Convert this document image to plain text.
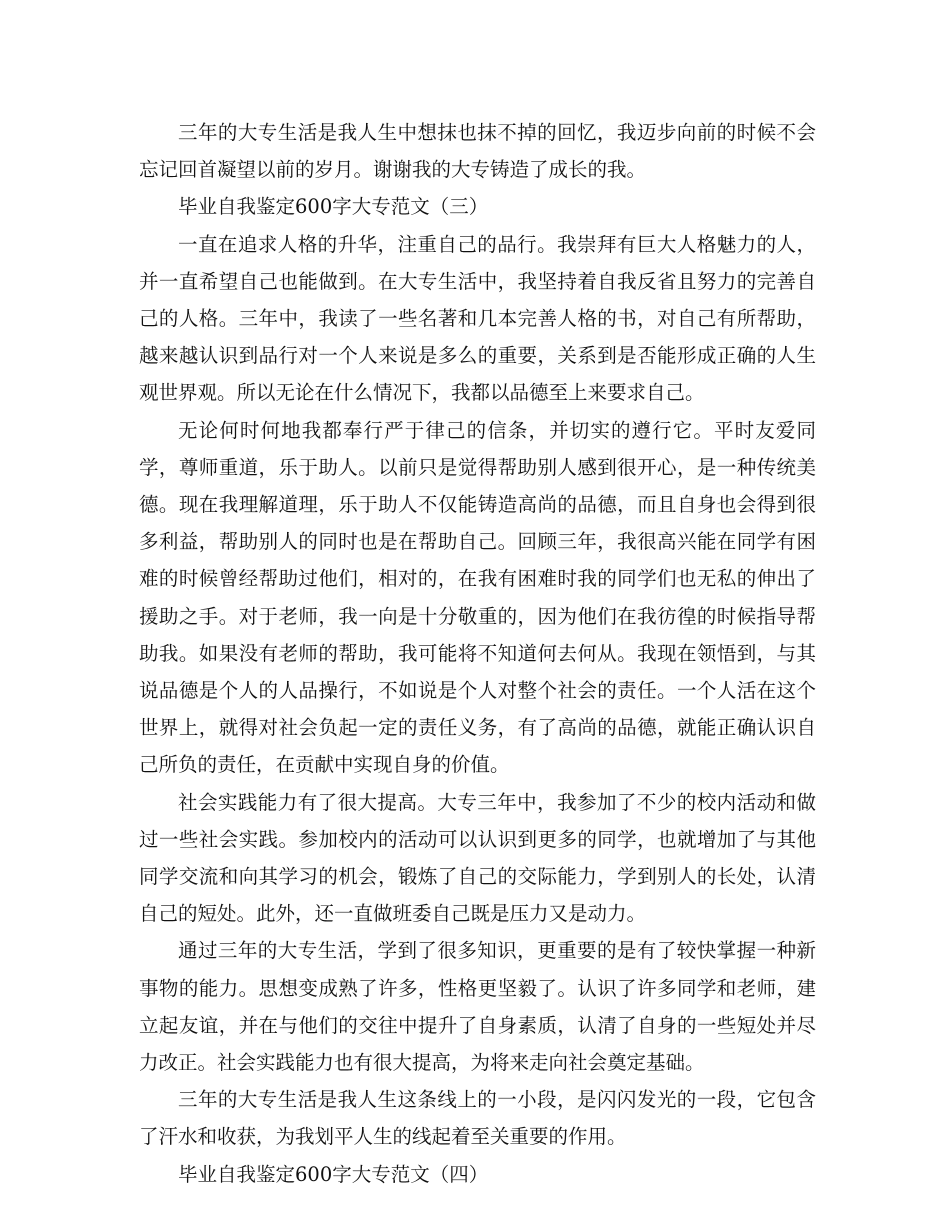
三年的大专生活是我人生中想抹也抹不掉的回忆，我迈步向前的时候不会忘记回首凝望以前的岁月。谢谢我的大专铸造了成长的我。

毕业自我鉴定600字大专范文（三）

一直在追求人格的升华，注重自己的品行。我崇拜有巨大人格魅力的人，并一直希望自己也能做到。在大专生活中，我坚持着自我反省且努力的完善自己的人格。三年中，我读了一些名著和几本完善人格的书，对自己有所帮助，越来越认识到品行对一个人来说是多么的重要，关系到是否能形成正确的人生观世界观。所以无论在什么情况下，我都以品德至上来要求自己。

无论何时何地我都奉行严于律己的信条，并切实的遵行它。平时友爱同学，尊师重道，乐于助人。以前只是觉得帮助别人感到很开心，是一种传统美德。现在我理解道理，乐于助人不仅能铸造高尚的品德，而且自身也会得到很多利益，帮助别人的同时也是在帮助自己。回顾三年，我很高兴能在同学有困难的时候曾经帮助过他们，相对的，在我有困难时我的同学们也无私的伸出了援助之手。对于老师，我一向是十分敬重的，因为他们在我彷徨的时候指导帮助我。如果没有老师的帮助，我可能将不知道何去何从。我现在领悟到，与其说品德是个人的人品操行，不如说是个人对整个社会的责任。一个人活在这个世界上，就得对社会负起一定的责任义务，有了高尚的品德，就能正确认识自己所负的责任，在贡献中实现自身的价值。

社会实践能力有了很大提高。大专三年中，我参加了不少的校内活动和做过一些社会实践。参加校内的活动可以认识到更多的同学，也就增加了与其他同学交流和向其学习的机会，锻炼了自己的交际能力，学到别人的长处，认清自己的短处。此外，还一直做班委自己既是压力又是动力。

通过三年的大专生活，学到了很多知识，更重要的是有了较快掌握一种新事物的能力。思想变成熟了许多，性格更坚毅了。认识了许多同学和老师，建立起友谊，并在与他们的交往中提升了自身素质，认清了自身的一些短处并尽力改正。社会实践能力也有很大提高，为将来走向社会奠定基础。

三年的大专生活是我人生这条线上的一小段，是闪闪发光的一段，它包含了汗水和收获，为我划平人生的线起着至关重要的作用。

毕业自我鉴定600字大专范文（四）
